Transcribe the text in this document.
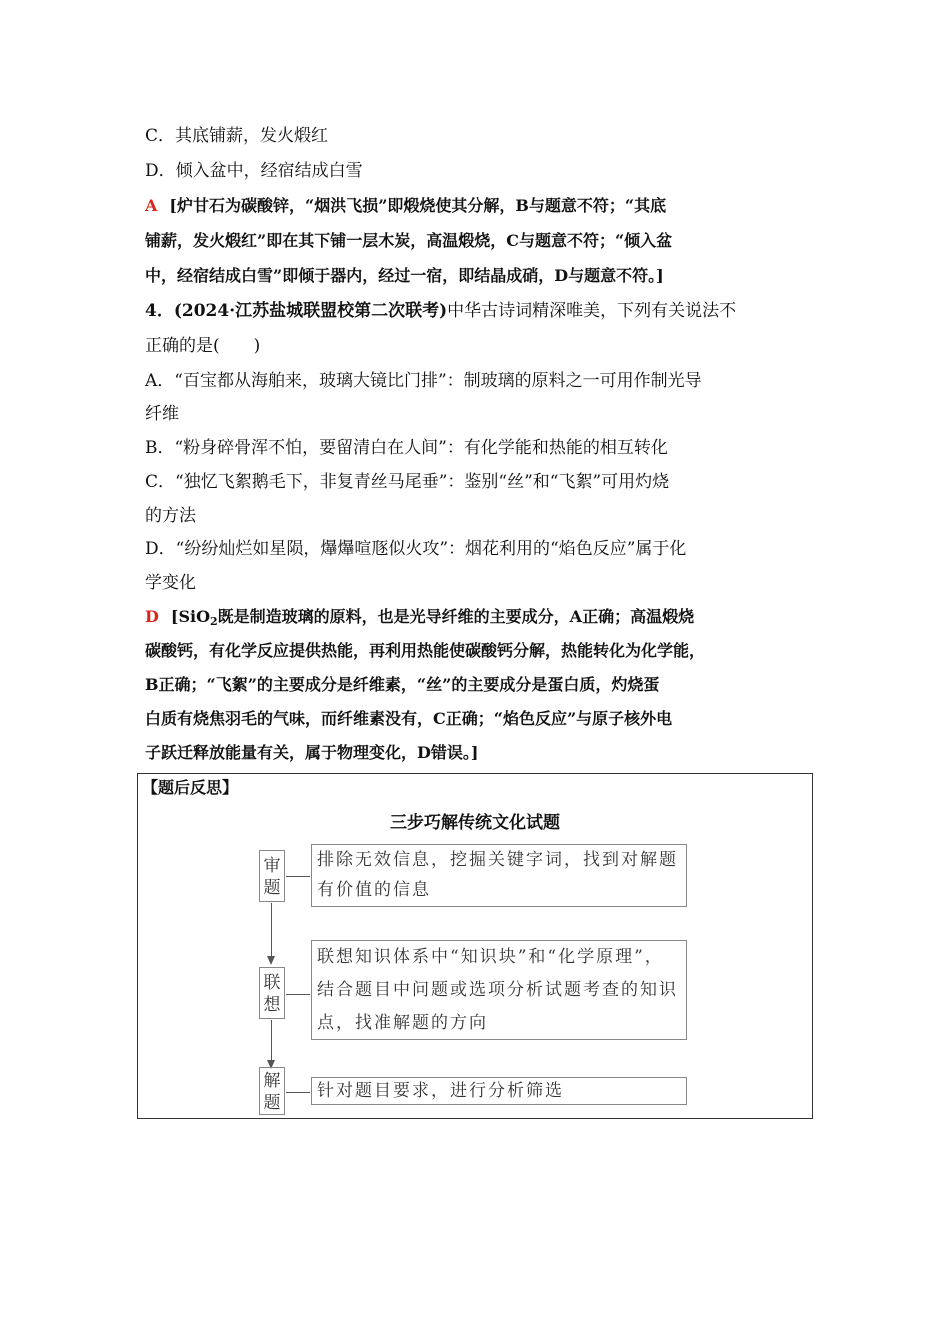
C．其底铺薪，发火煅红
D．倾入盆中，经宿结成白雪
A [炉甘石为碳酸锌，“烟洪飞损”即煅烧使其分解，B与题意不符；“其底
铺薪，发火煅红”即在其下铺一层木炭，高温煅烧，C与题意不符；“倾入盆
中，经宿结成白雪”即倾于器内，经过一宿，即结晶成硝，D与题意不符。]
4．(2024·江苏盐城联盟校第二次联考)中华古诗词精深唯美，下列有关说法不
正确的是(　　)
A．“百宝都从海舶来，玻璃大镜比门排”：制玻璃的原料之一可用作制光导
纤维
B．“粉身碎骨浑不怕，要留清白在人间”：有化学能和热能的相互转化
C．“独忆飞絮鹅毛下，非复青丝马尾垂”：鉴别“丝”和“飞絮”可用灼烧
的方法
D．“纷纷灿烂如星陨，爗爗喧豗似火攻”：烟花利用的“焰色反应”属于化
学变化
D [SiO$_2$既是制造玻璃的原料，也是光导纤维的主要成分，A正确；高温煅烧
碳酸钙，有化学反应提供热能，再利用热能使碳酸钙分解，热能转化为化学能，
B正确；“飞絮”的主要成分是纤维素，“丝”的主要成分是蛋白质，灼烧蛋
白质有烧焦羽毛的气味，而纤维素没有，C正确；“焰色反应”与原子核外电
子跃迁释放能量有关，属于物理变化，D错误。]
【题后反思】
三步巧解传统文化试题
审题
排除无效信息，挖掘关键字词，找到对解题有价值的信息
联想
联想知识体系中“知识块”和“化学原理”，结合题目中问题或选项分析试题考查的知识点，找准解题的方向
解题
针对题目要求，进行分析筛选
